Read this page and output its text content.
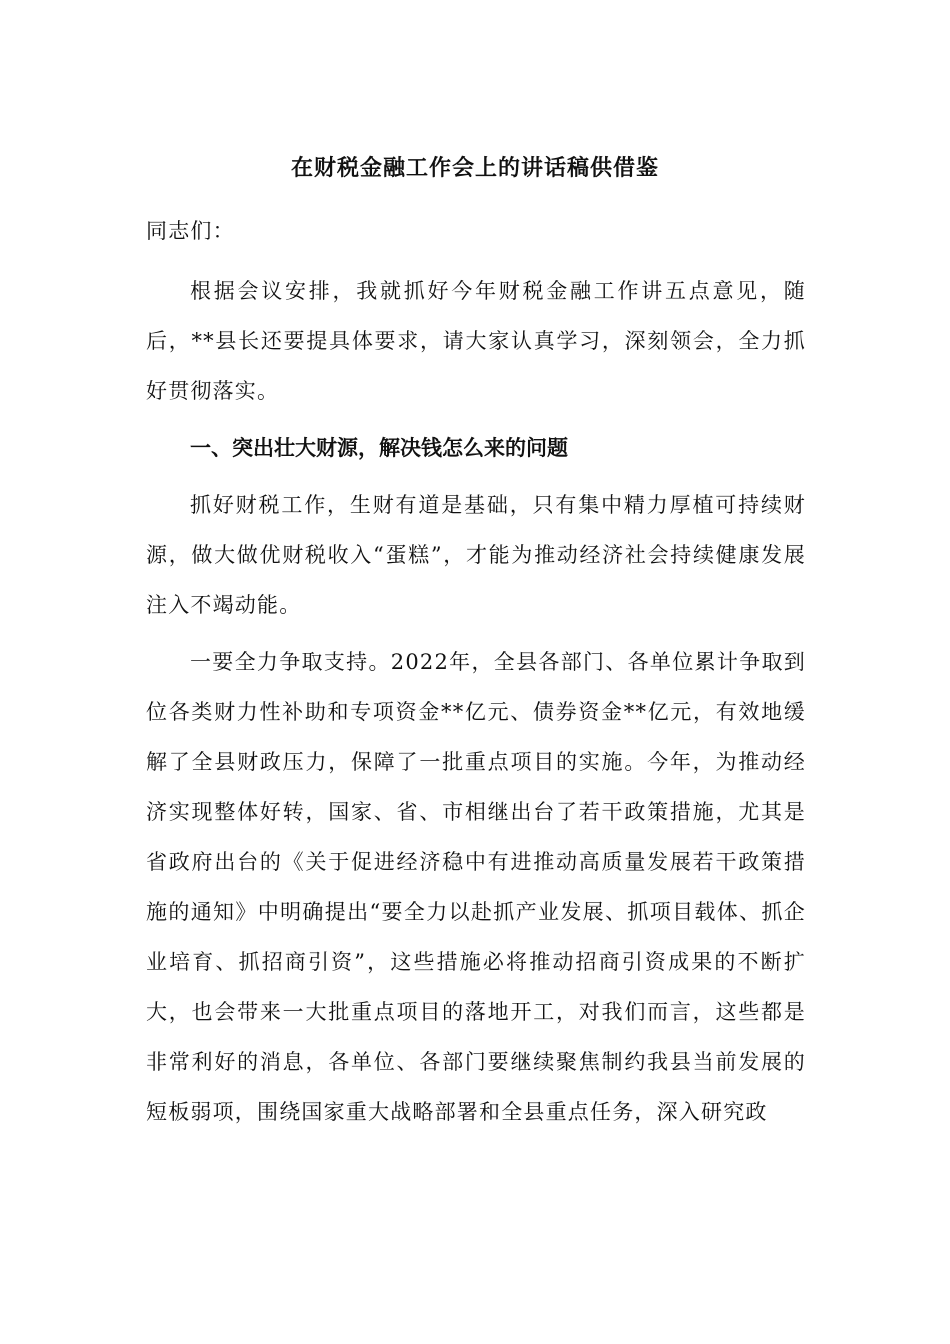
在财税金融工作会上的讲话稿供借鉴

同志们：

根据会议安排，我就抓好今年财税金融工作讲五点意见，随后，**县长还要提具体要求，请大家认真学习，深刻领会，全力抓好贯彻落实。

一、突出壮大财源，解决钱怎么来的问题

抓好财税工作，生财有道是基础，只有集中精力厚植可持续财源，做大做优财税收入“蛋糕”，才能为推动经济社会持续健康发展注入不竭动能。

一要全力争取支持。2022年，全县各部门、各单位累计争取到位各类财力性补助和专项资金**亿元、债券资金**亿元，有效地缓解了全县财政压力，保障了一批重点项目的实施。今年，为推动经济实现整体好转，国家、省、市相继出台了若干政策措施，尤其是省政府出台的《关于促进经济稳中有进推动高质量发展若干政策措施的通知》中明确提出“要全力以赴抓产业发展、抓项目载体、抓企业培育、抓招商引资”，这些措施必将推动招商引资成果的不断扩大，也会带来一大批重点项目的落地开工，对我们而言，这些都是非常利好的消息，各单位、各部门要继续聚焦制约我县当前发展的短板弱项，围绕国家重大战略部署和全县重点任务，深入研究政
